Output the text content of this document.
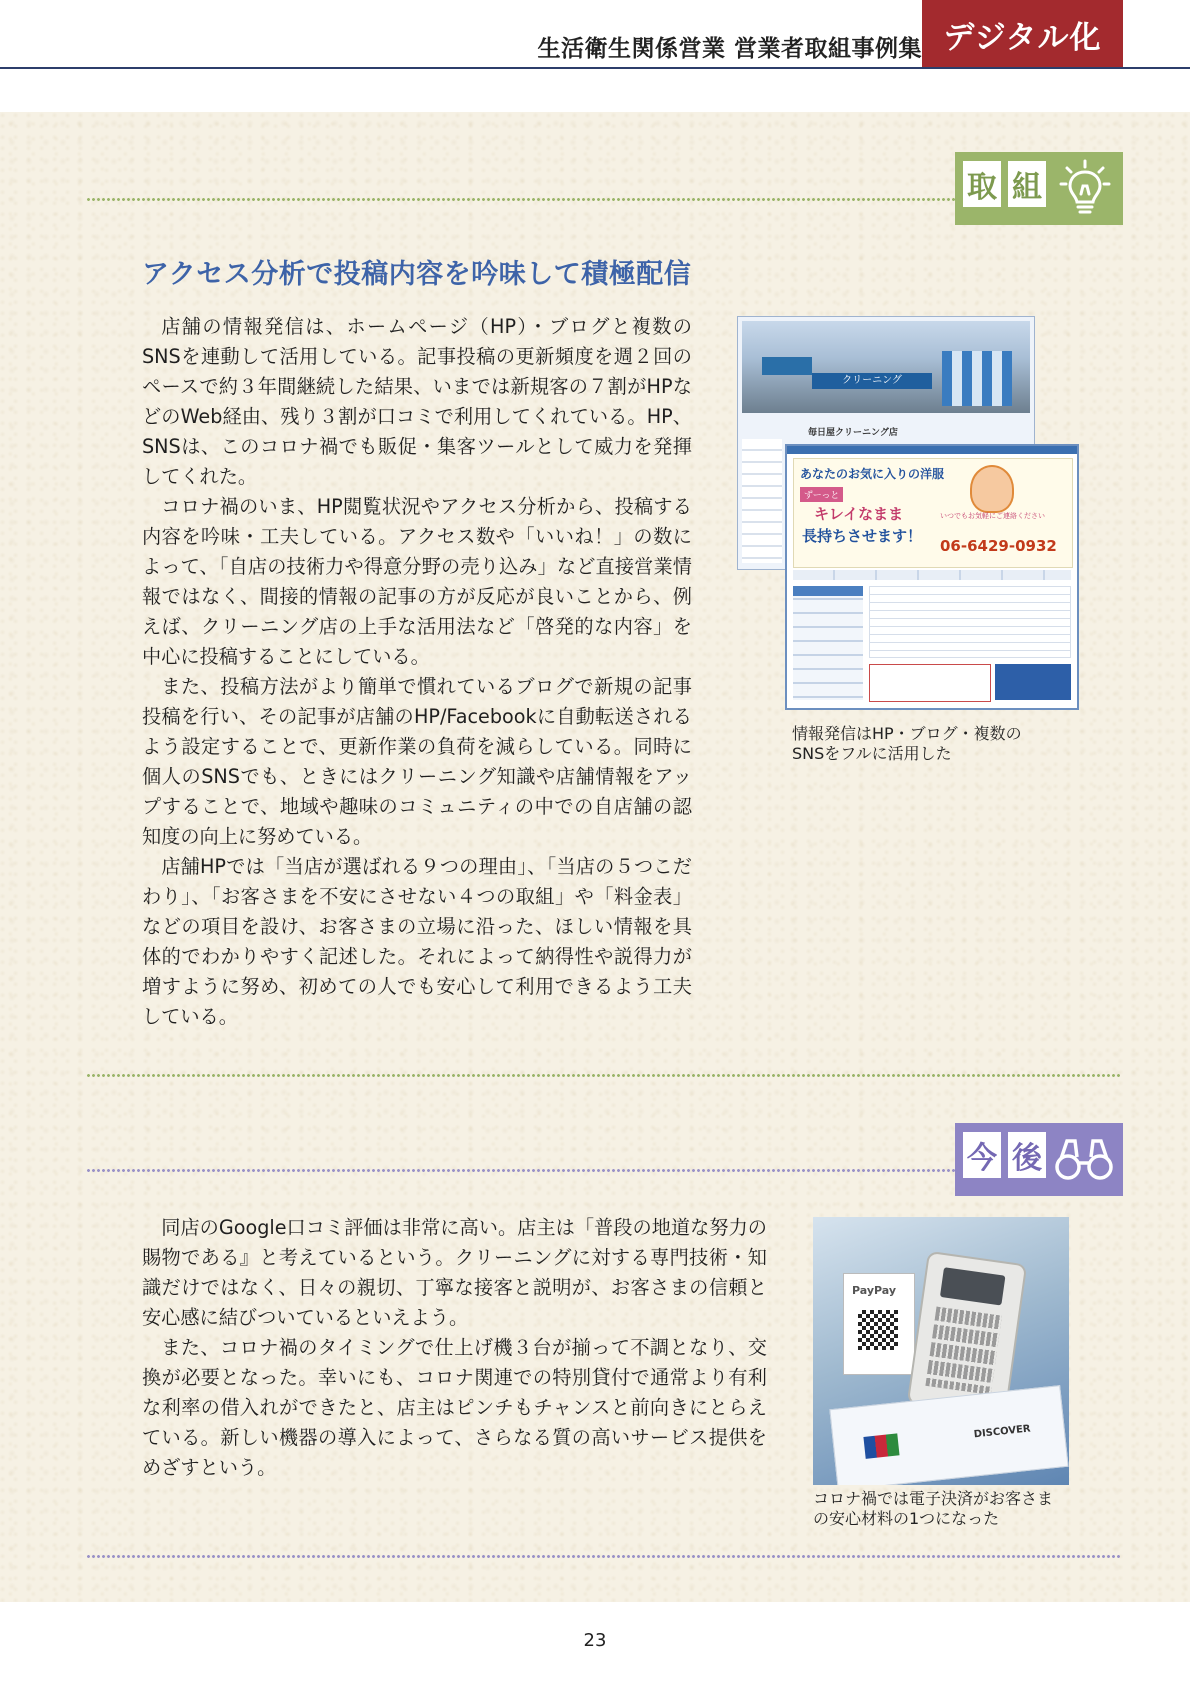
生活衛生関係営業 営業者取組事例集 デジタル化
取 組
アクセス分析で投稿内容を吟味して積極配信

店舗の情報発信は、ホームページ（HP）・ブログと複数のSNSを連動して活用している。記事投稿の更新頻度を週２回のペースで約３年間継続した結果、いまでは新規客の７割がHPなどのWeb経由、残り３割が口コミで利用してくれている。HP、SNSは、このコロナ禍でも販促・集客ツールとして威力を発揮してくれた。

コロナ禍のいま、HP閲覧状況やアクセス分析から、投稿する内容を吟味・工夫している。アクセス数や「いいね！」の数によって、「自店の技術力や得意分野の売り込み」など直接営業情報ではなく、間接的情報の記事の方が反応が良いことから、例えば、クリーニング店の上手な活用法など「啓発的な内容」を中心に投稿することにしている。

また、投稿方法がより簡単で慣れているブログで新規の記事投稿を行い、その記事が店舗のHP/Facebookに自動転送されるよう設定することで、更新作業の負荷を減らしている。同時に個人のSNSでも、ときにはクリーニング知識や店舗情報をアップすることで、地域や趣味のコミュニティの中での自店舗の認知度の向上に努めている。

店舗HPでは「当店が選ばれる９つの理由」、「当店の５つこだわり」、「お客さまを不安にさせない４つの取組」や「料金表」などの項目を設け、お客さまの立場に沿った、ほしい情報を具体的でわかりやすく記述した。それによって納得性や説得力が増すように努め、初めての人でも安心して利用できるよう工夫している。

クリーニング
毎日屋クリーニング店
あなたのお気に入りの洋服
ずーっと
キレイなまま
長持ちさせます！
いつでもお気軽にご連絡ください
06-6429-0932
情報発信はHP・ブログ・複数の
SNSをフルに活用した
今 後

同店のGoogle口コミ評価は非常に高い。店主は「普段の地道な努力の賜物である』と考えているという。クリーニングに対する専門技術・知識だけではなく、日々の親切、丁寧な接客と説明が、お客さまの信頼と安心感に結びついているといえよう。

また、コロナ禍のタイミングで仕上げ機３台が揃って不調となり、交換が必要となった。幸いにも、コロナ関連での特別貸付で通常より有利な利率の借入れができたと、店主はピンチもチャンスと前向きにとらえている。新しい機器の導入によって、さらなる質の高いサービス提供をめざすという。

PayPay
DISCOVER
コロナ禍では電子決済がお客さま
の安心材料の1つになった
23
